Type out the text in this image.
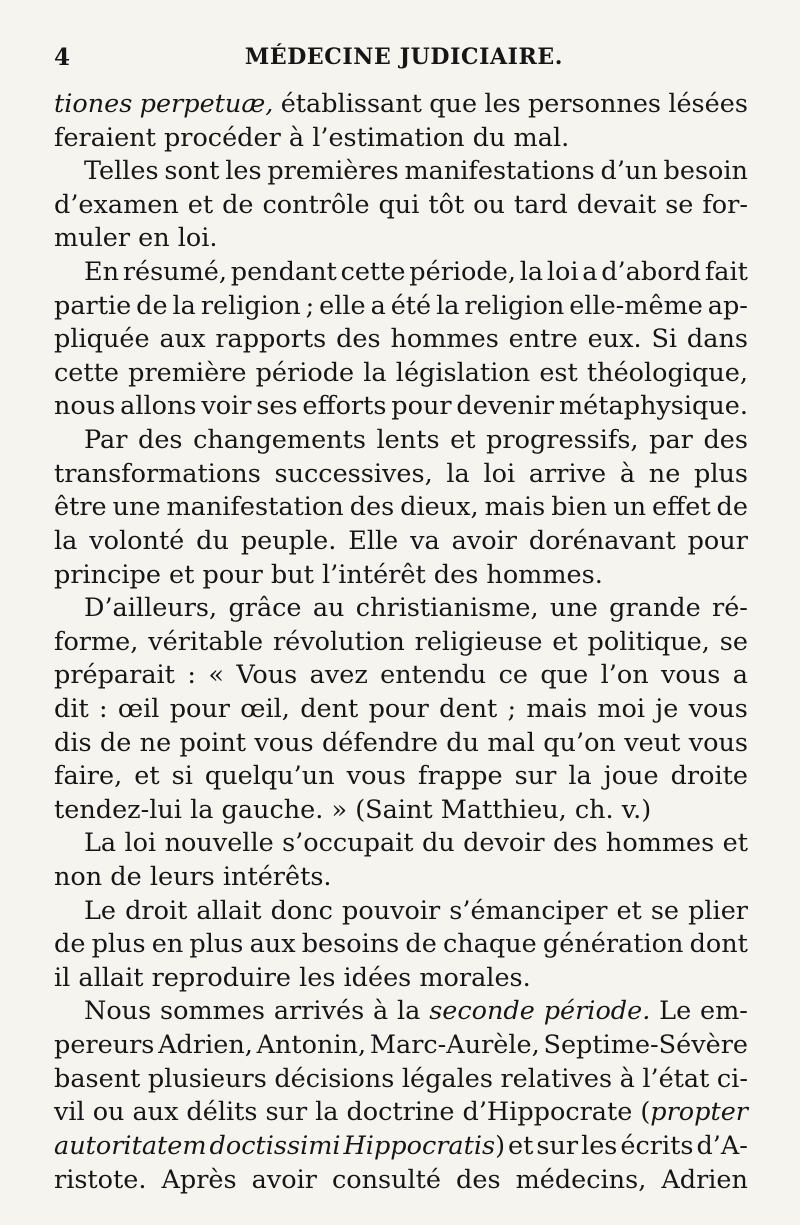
4	MÉDECINE JUDICIAIRE.
tiones perpetuæ, établissant que les personnes lésées
feraient procéder à l’estimation du mal.
Telles sont les premières manifestations d’un besoin
d’examen et de contrôle qui tôt ou tard devait se for-
muler en loi.
En résumé, pendant cette période, la loi a d’abord fait
partie de la religion ; elle a été la religion elle-même ap-
pliquée aux rapports des hommes entre eux. Si dans
cette première période la législation est théologique,
nous allons voir ses efforts pour devenir métaphysique.
Par des changements lents et progressifs, par des
transformations successives, la loi arrive à ne plus
être une manifestation des dieux, mais bien un effet de
la volonté du peuple. Elle va avoir dorénavant pour
principe et pour but l’intérêt des hommes.
D’ailleurs, grâce au christianisme, une grande ré-
forme, véritable révolution religieuse et politique, se
préparait : « Vous avez entendu ce que l’on vous a
dit : œil pour œil, dent pour dent ; mais moi je vous
dis de ne point vous défendre du mal qu’on veut vous
faire, et si quelqu’un vous frappe sur la joue droite
tendez-lui la gauche. » (Saint Matthieu, ch. v.)
La loi nouvelle s’occupait du devoir des hommes et
non de leurs intérêts.
Le droit allait donc pouvoir s’émanciper et se plier
de plus en plus aux besoins de chaque génération dont
il allait reproduire les idées morales.
Nous sommes arrivés à la seconde période. Le em-
pereurs Adrien, Antonin, Marc-Aurèle, Septime-Sévère
basent plusieurs décisions légales relatives à l’état ci-
vil ou aux délits sur la doctrine d’Hippocrate (propter
autoritatem doctissimi Hippocratis) et sur les écrits d’A-
ristote. Après avoir consulté des médecins, Adrien
